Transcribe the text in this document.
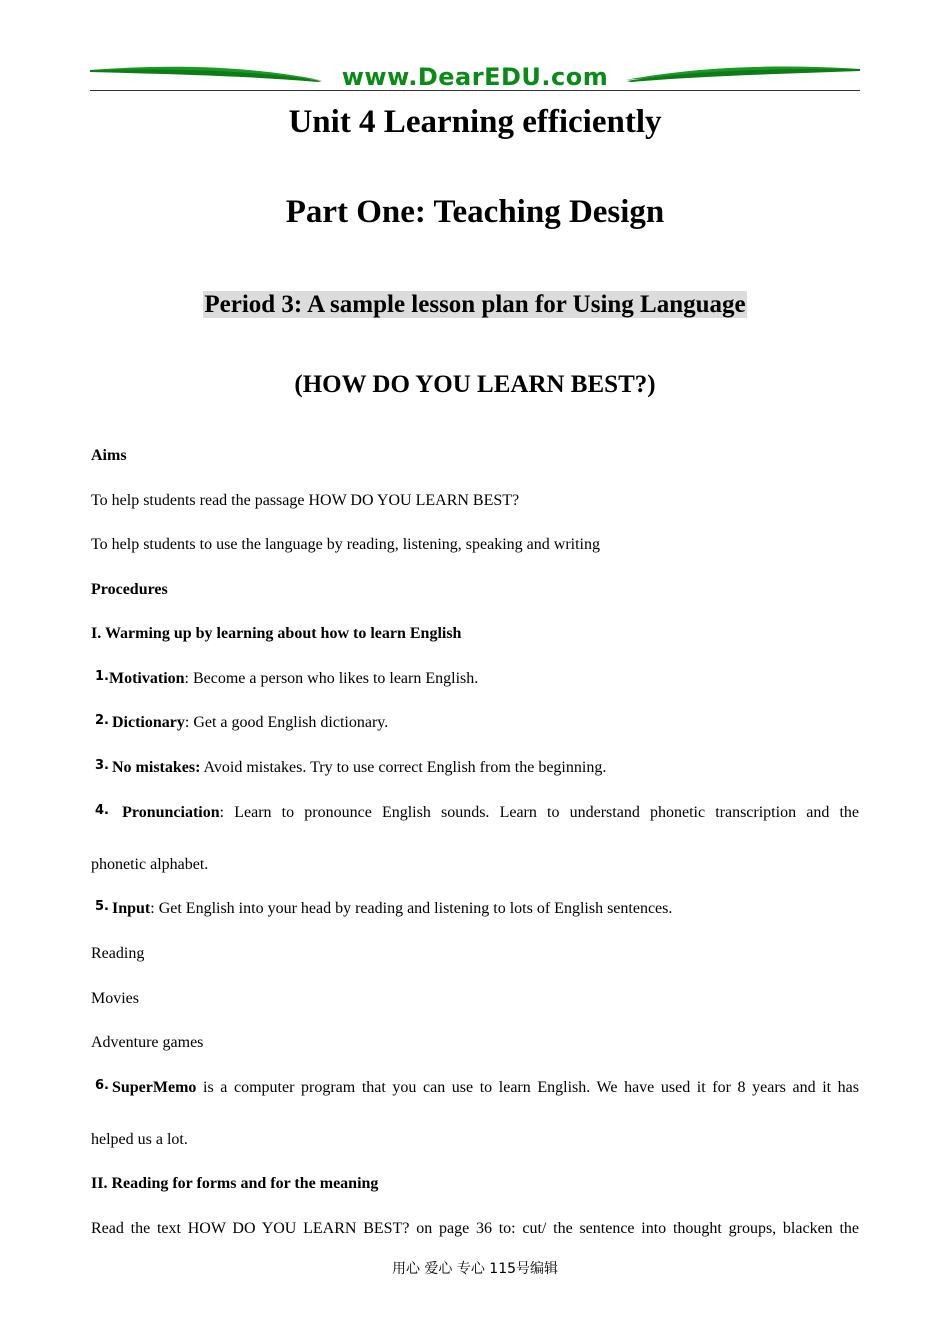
www.DearEDU.com
Unit 4 Learning efficiently
Part One: Teaching Design
Period 3: A sample lesson plan for Using Language
(HOW DO YOU LEARN BEST?)
Aims
To help students read the passage HOW DO YOU LEARN BEST?
To help students to use the language by reading, listening, speaking and writing
Procedures
I. Warming up by learning about how to learn English
1.Motivation: Become a person who likes to learn English.
2. Dictionary: Get a good English dictionary.
3. No mistakes: Avoid mistakes. Try to use correct English from the beginning.
4. Pronunciation: Learn to pronounce English sounds. Learn to understand phonetic transcription and the
phonetic alphabet.
5. Input: Get English into your head by reading and listening to lots of English sentences.
Reading
Movies
Adventure games
6. SuperMemo is a computer program that you can use to learn English. We have used it for 8 years and it has
helped us a lot.
II. Reading for forms and for the meaning
Read the text HOW DO YOU LEARN BEST? on page 36 to: cut/ the sentence into thought groups, blacken the
用心 爱心 专心 115号编辑
